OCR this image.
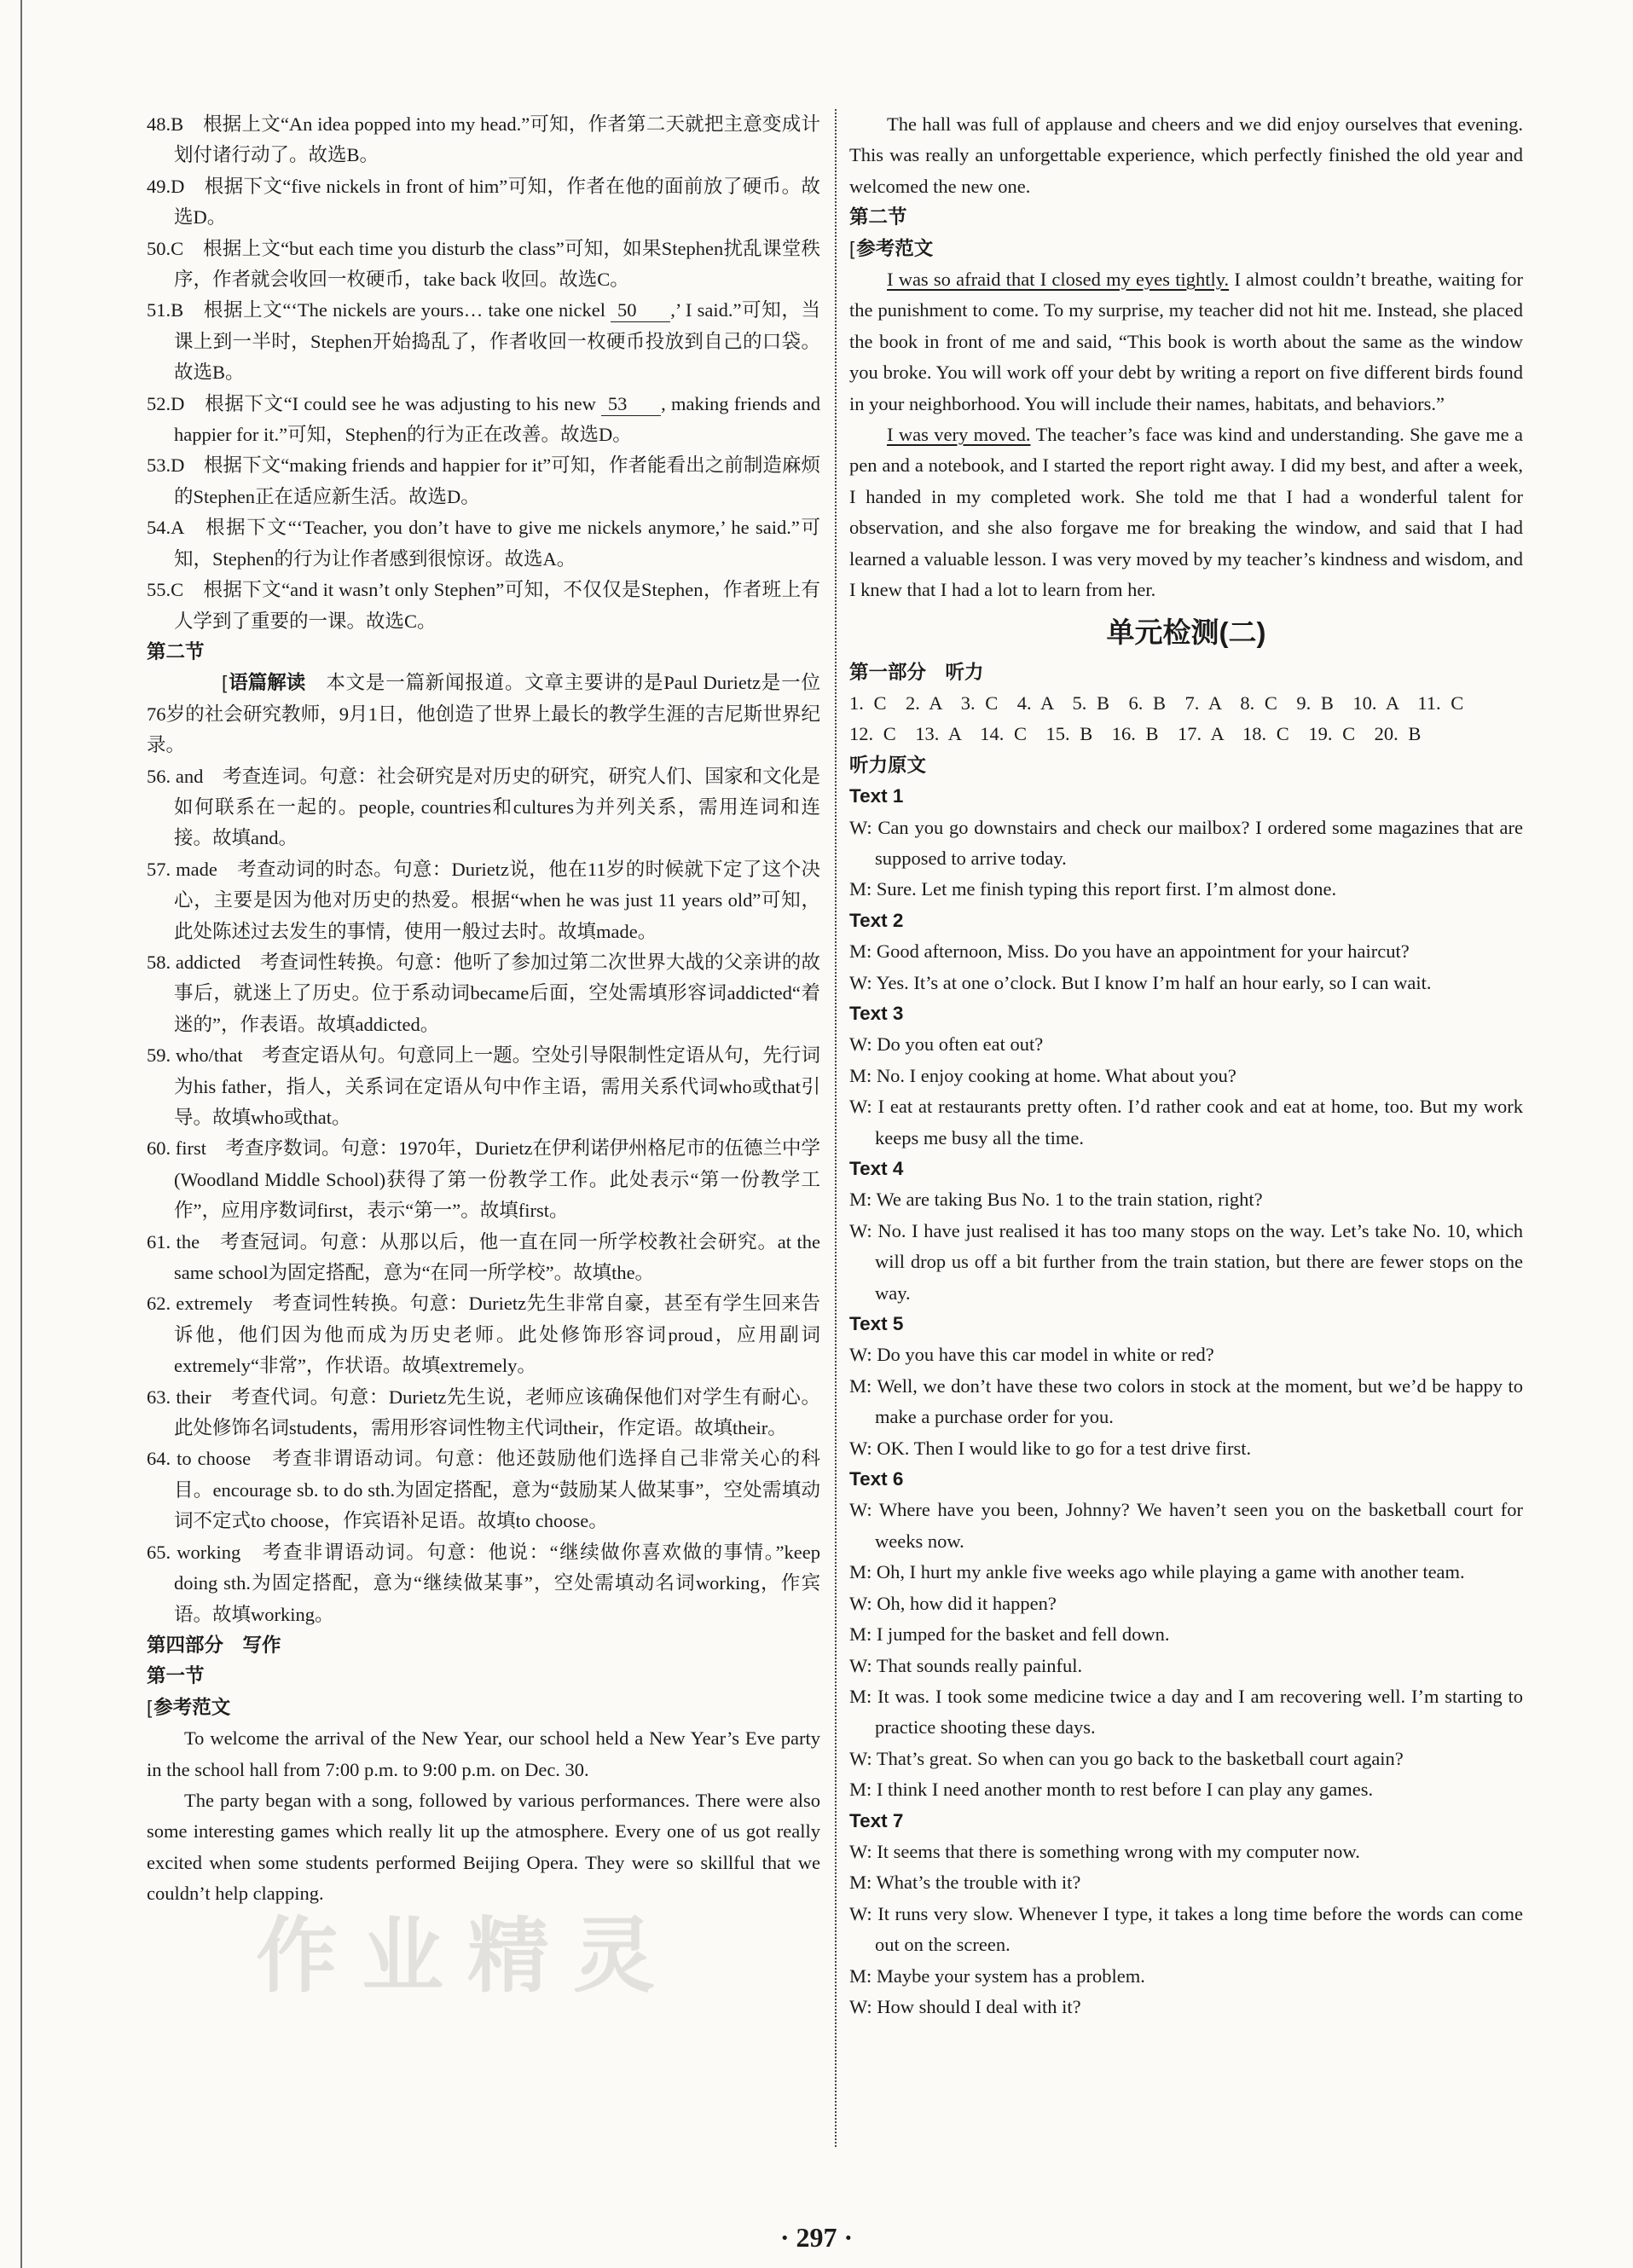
48.B　根据上文“An idea popped into my head.”可知，作者第二天就把主意变成计划付诸行动了。故选B。

49.D　根据下文“five nickels in front of him”可知，作者在他的面前放了硬币。故选D。

50.C　根据上文“but each time you disturb the class”可知，如果Stephen扰乱课堂秩序，作者就会收回一枚硬币，take back 收回。故选C。

51.B　根据上文“‘The nickels are yours… take one nickel 50 ,’ I said.”可知，当课上到一半时，Stephen开始捣乱了，作者收回一枚硬币投放到自己的口袋。故选B。

52.D　根据下文“I could see he was adjusting to his new 53 , making friends and happier for it.”可知，Stephen的行为正在改善。故选D。

53.D　根据下文“making friends and happier for it”可知，作者能看出之前制造麻烦的Stephen正在适应新生活。故选D。

54.A　根据下文“‘Teacher, you don’t have to give me nickels anymore,’ he said.”可知，Stephen的行为让作者感到很惊讶。故选A。

55.C　根据下文“and it wasn’t only Stephen”可知，不仅仅是Stephen，作者班上有人学到了重要的一课。故选C。

第二节

[ 语篇解读　 本文是一篇新闻报道。文章主要讲的是Paul Durietz是一位76岁的社会研究教师，9月1日，他创造了世界上最长的教学生涯的吉尼斯世界纪录。

56. and　考查连词。句意：社会研究是对历史的研究，研究人们、国家和文化是如何联系在一起的。people, countries和cultures为并列关系，需用连词和连接。故填and。

57. made　考查动词的时态。句意：Durietz说，他在11岁的时候就下定了这个决心，主要是因为他对历史的热爱。根据“when he was just 11 years old”可知，此处陈述过去发生的事情，使用一般过去时。故填made。

58. addicted　考查词性转换。句意：他听了参加过第二次世界大战的父亲讲的故事后，就迷上了历史。位于系动词became后面，空处需填形容词addicted“着迷的”，作表语。故填addicted。

59. who/that　考查定语从句。句意同上一题。空处引导限制性定语从句，先行词为his father，指人，关系词在定语从句中作主语，需用关系代词who或that引导。故填who或that。

60. first　考查序数词。句意：1970年，Durietz在伊利诺伊州格尼市的伍德兰中学(Woodland Middle School)获得了第一份教学工作。此处表示“第一份教学工作”，应用序数词first，表示“第一”。故填first。

61. the　考查冠词。句意：从那以后，他一直在同一所学校教社会研究。at the same school为固定搭配，意为“在同一所学校”。故填the。

62. extremely　考查词性转换。句意：Durietz先生非常自豪，甚至有学生回来告诉他，他们因为他而成为历史老师。此处修饰形容词proud，应用副词extremely“非常”，作状语。故填extremely。

63. their　考查代词。句意：Durietz先生说，老师应该确保他们对学生有耐心。此处修饰名词students，需用形容词性物主代词their，作定语。故填their。

64. to choose　考查非谓语动词。句意：他还鼓励他们选择自己非常关心的科目。encourage sb. to do sth.为固定搭配，意为“鼓励某人做某事”，空处需填动词不定式to choose，作宾语补足语。故填to choose。

65. working　考查非谓语动词。句意：他说：“继续做你喜欢做的事情。”keep doing sth.为固定搭配，意为“继续做某事”，空处需填动名词working，作宾语。故填working。

第四部分　写作

第一节

[ 参考范文

To welcome the arrival of the New Year, our school held a New Year’s Eve party in the school hall from 7:00 p.m. to 9:00 p.m. on Dec. 30.

The party began with a song, followed by various performances. There were also some interesting games which really lit up the atmosphere. Every one of us got really excited when some students performed Beijing Opera. They were so skillful that we couldn’t help clapping.

The hall was full of applause and cheers and we did enjoy ourselves that evening. This was really an unforgettable experience, which perfectly finished the old year and welcomed the new one.

第二节

[ 参考范文

I was so afraid that I closed my eyes tightly. I almost couldn’t breathe, waiting for the punishment to come. To my surprise, my teacher did not hit me. Instead, she placed the book in front of me and said, “This book is worth about the same as the window you broke. You will work off your debt by writing a report on five different birds found in your neighborhood. You will include their names, habitats, and behaviors.”

I was very moved. The teacher’s face was kind and understanding. She gave me a pen and a notebook, and I started the report right away. I did my best, and after a week, I handed in my completed work. She told me that I had a wonderful talent for observation, and she also forgave me for breaking the window, and said that I had learned a valuable lesson. I was very moved by my teacher’s kindness and wisdom, and I knew that I had a lot to learn from her.

单元检测(二)

第一部分　听力

1. C　2. A　3. C　4. A　5. B　6. B　7. A　8. C　9. B　10. A　11. C

12. C　13. A　14. C　15. B　16. B　17. A　18. C　19. C　20. B

听力原文

Text 1

W: Can you go downstairs and check our mailbox? I ordered some magazines that are supposed to arrive today.

M: Sure. Let me finish typing this report first. I’m almost done.

Text 2

M: Good afternoon, Miss. Do you have an appointment for your haircut?

W: Yes. It’s at one o’clock. But I know I’m half an hour early, so I can wait.

Text 3

W: Do you often eat out?

M: No. I enjoy cooking at home. What about you?

W: I eat at restaurants pretty often. I’d rather cook and eat at home, too. But my work keeps me busy all the time.

Text 4

M: We are taking Bus No. 1 to the train station, right?

W: No. I have just realised it has too many stops on the way. Let’s take No. 10, which will drop us off a bit further from the train station, but there are fewer stops on the way.

Text 5

W: Do you have this car model in white or red?

M: Well, we don’t have these two colors in stock at the moment, but we’d be happy to make a purchase order for you.

W: OK. Then I would like to go for a test drive first.

Text 6

W: Where have you been, Johnny? We haven’t seen you on the basketball court for weeks now.

M: Oh, I hurt my ankle five weeks ago while playing a game with another team.

W: Oh, how did it happen?

M: I jumped for the basket and fell down.

W: That sounds really painful.

M: It was. I took some medicine twice a day and I am recovering well. I’m starting to practice shooting these days.

W: That’s great. So when can you go back to the basketball court again?

M: I think I need another month to rest before I can play any games.

Text 7

W: It seems that there is something wrong with my computer now.

M: What’s the trouble with it?

W: It runs very slow. Whenever I type, it takes a long time before the words can come out on the screen.

M: Maybe your system has a problem.

W: How should I deal with it?

作业精灵
· 297 ·
